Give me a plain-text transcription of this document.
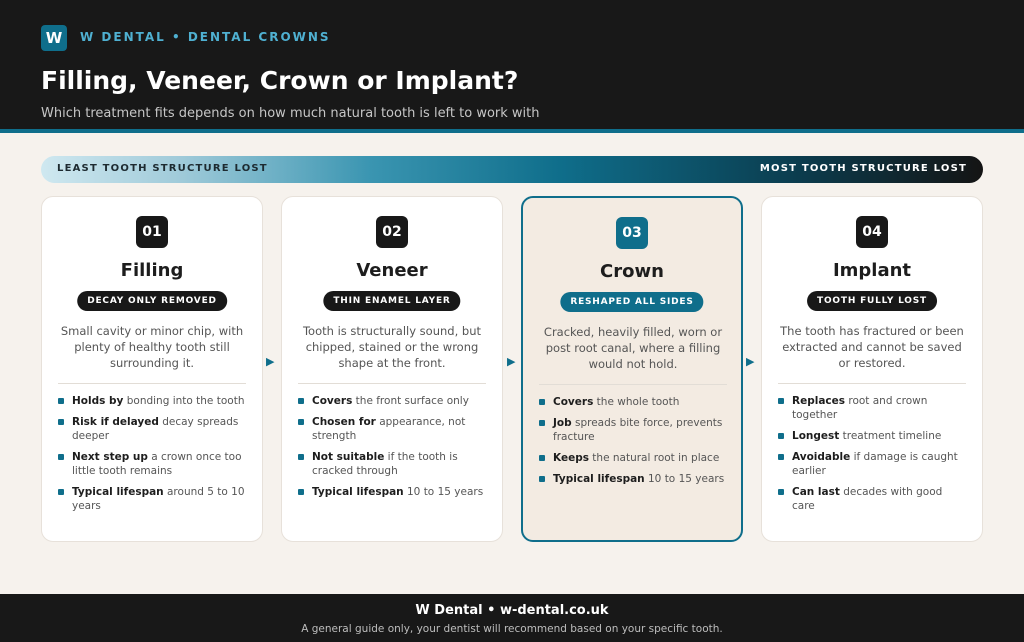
W	W DENTAL • DENTAL CROWNS
Filling, Veneer, Crown or Implant?
Which treatment fits depends on how much natural tooth is left to work with
LEAST TOOTH STRUCTURE LOST	MOST TOOTH STRUCTURE LOST
01
Filling
DECAY ONLY REMOVED
Small cavity or minor chip, with plenty of healthy tooth still surrounding it.
Holds by bonding into the tooth
Risk if delayed decay spreads deeper
Next step up a crown once too little tooth remains
Typical lifespan around 5 to 10 years
▶
02
Veneer
THIN ENAMEL LAYER
Tooth is structurally sound, but chipped, stained or the wrong shape at the front.
Covers the front surface only
Chosen for appearance, not strength
Not suitable if the tooth is cracked through
Typical lifespan 10 to 15 years
▶
03
Crown
RESHAPED ALL SIDES
Cracked, heavily filled, worn or post root canal, where a filling would not hold.
Covers the whole tooth
Job spreads bite force, prevents fracture
Keeps the natural root in place
Typical lifespan 10 to 15 years
▶
04
Implant
TOOTH FULLY LOST
The tooth has fractured or been extracted and cannot be saved or restored.
Replaces root and crown together
Longest treatment timeline
Avoidable if damage is caught earlier
Can last decades with good care
W Dental • w-dental.co.uk
A general guide only, your dentist will recommend based on your specific tooth.
